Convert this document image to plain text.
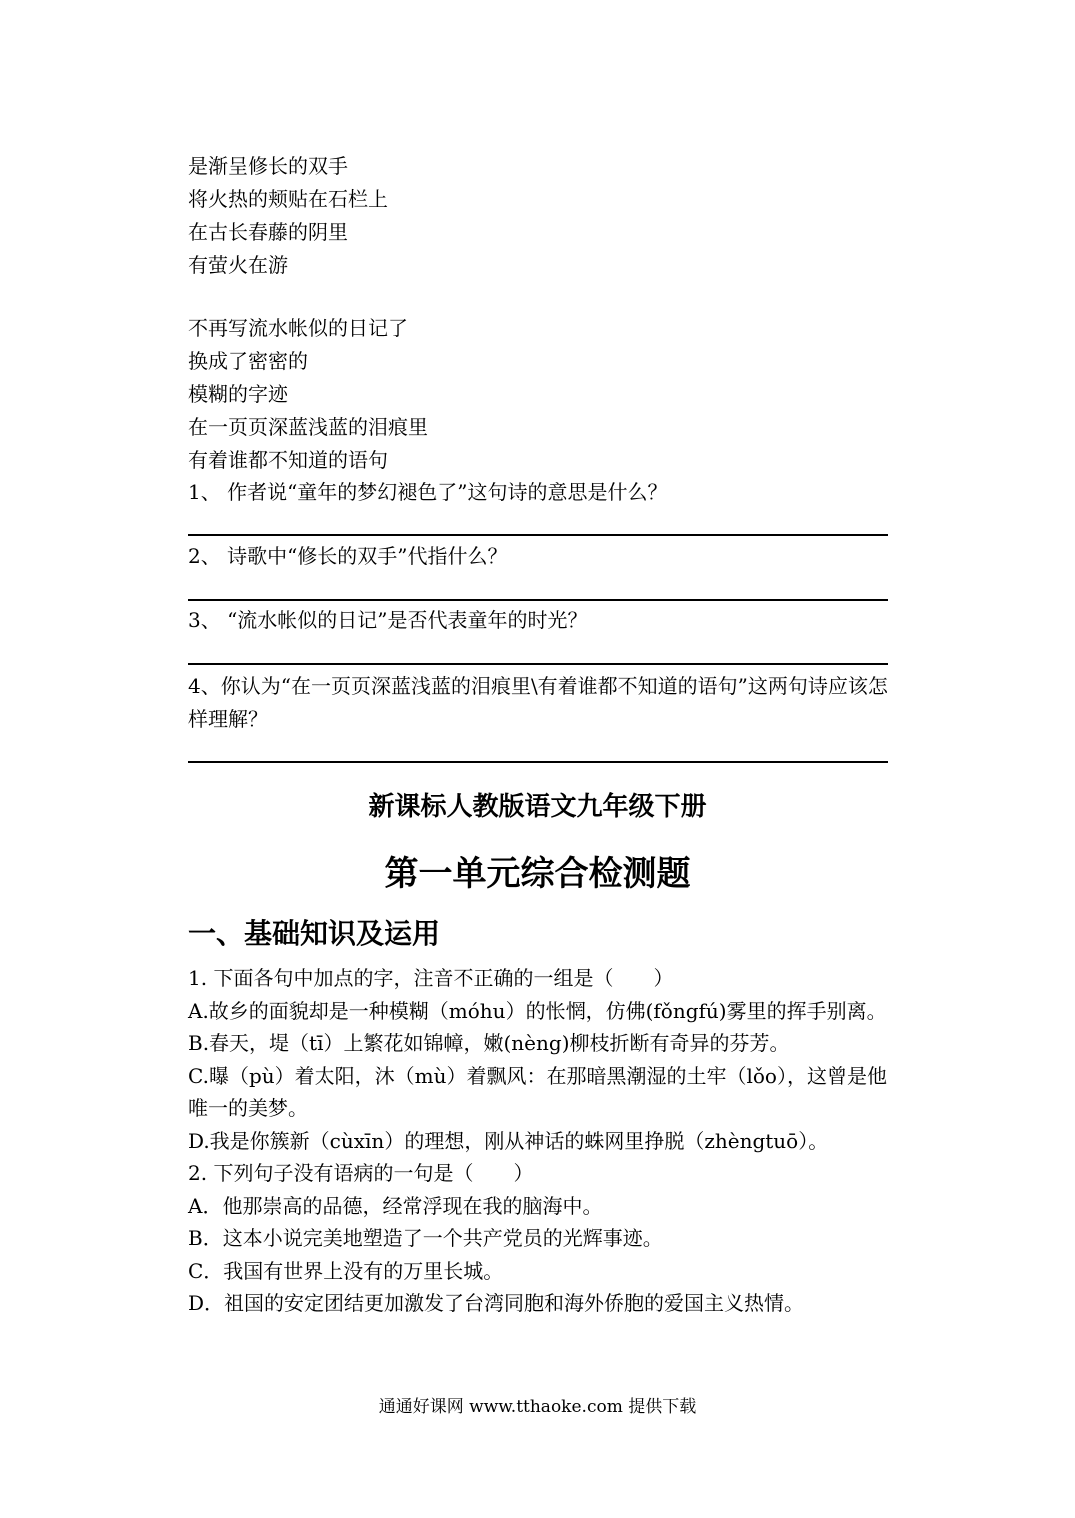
是渐呈修长的双手
将火热的颊贴在石栏上
在古长春藤的阴里
有萤火在游
不再写流水帐似的日记了
换成了密密的
模糊的字迹
在一页页深蓝浅蓝的泪痕里
有着谁都不知道的语句
1、 作者说“童年的梦幻褪色了”这句诗的意思是什么？
2、 诗歌中“修长的双手”代指什么？
3、 “流水帐似的日记”是否代表童年的时光？
4、你认为“在一页页深蓝浅蓝的泪痕里\有着谁都不知道的语句”这两句诗应该怎样理解？
新课标人教版语文九年级下册
第一单元综合检测题
一、基础知识及运用
1. 下面各句中加点的字，注音不正确的一组是（　　）
A.故乡的面貌却是一种模糊（móhu）的怅惘，仿佛(fǒngfú)雾里的挥手别离。
B.春天，堤（tī）上繁花如锦幛，嫩(nèng)柳枝折断有奇异的芬芳。
C.曝（pù）着太阳，沐（mù）着飘风：在那暗黑潮湿的土牢（lǒo），这曾是他唯一的美梦。
D.我是你簇新（cùxīn）的理想，刚从神话的蛛网里挣脱（zhèngtuō）。
2. 下列句子没有语病的一句是（　　）
A．他那崇高的品德，经常浮现在我的脑海中。
B．这本小说完美地塑造了一个共产党员的光辉事迹。
C．我国有世界上没有的万里长城。
D．祖国的安定团结更加激发了台湾同胞和海外侨胞的爱国主义热情。
通通好课网 www.tthaoke.com 提供下载
